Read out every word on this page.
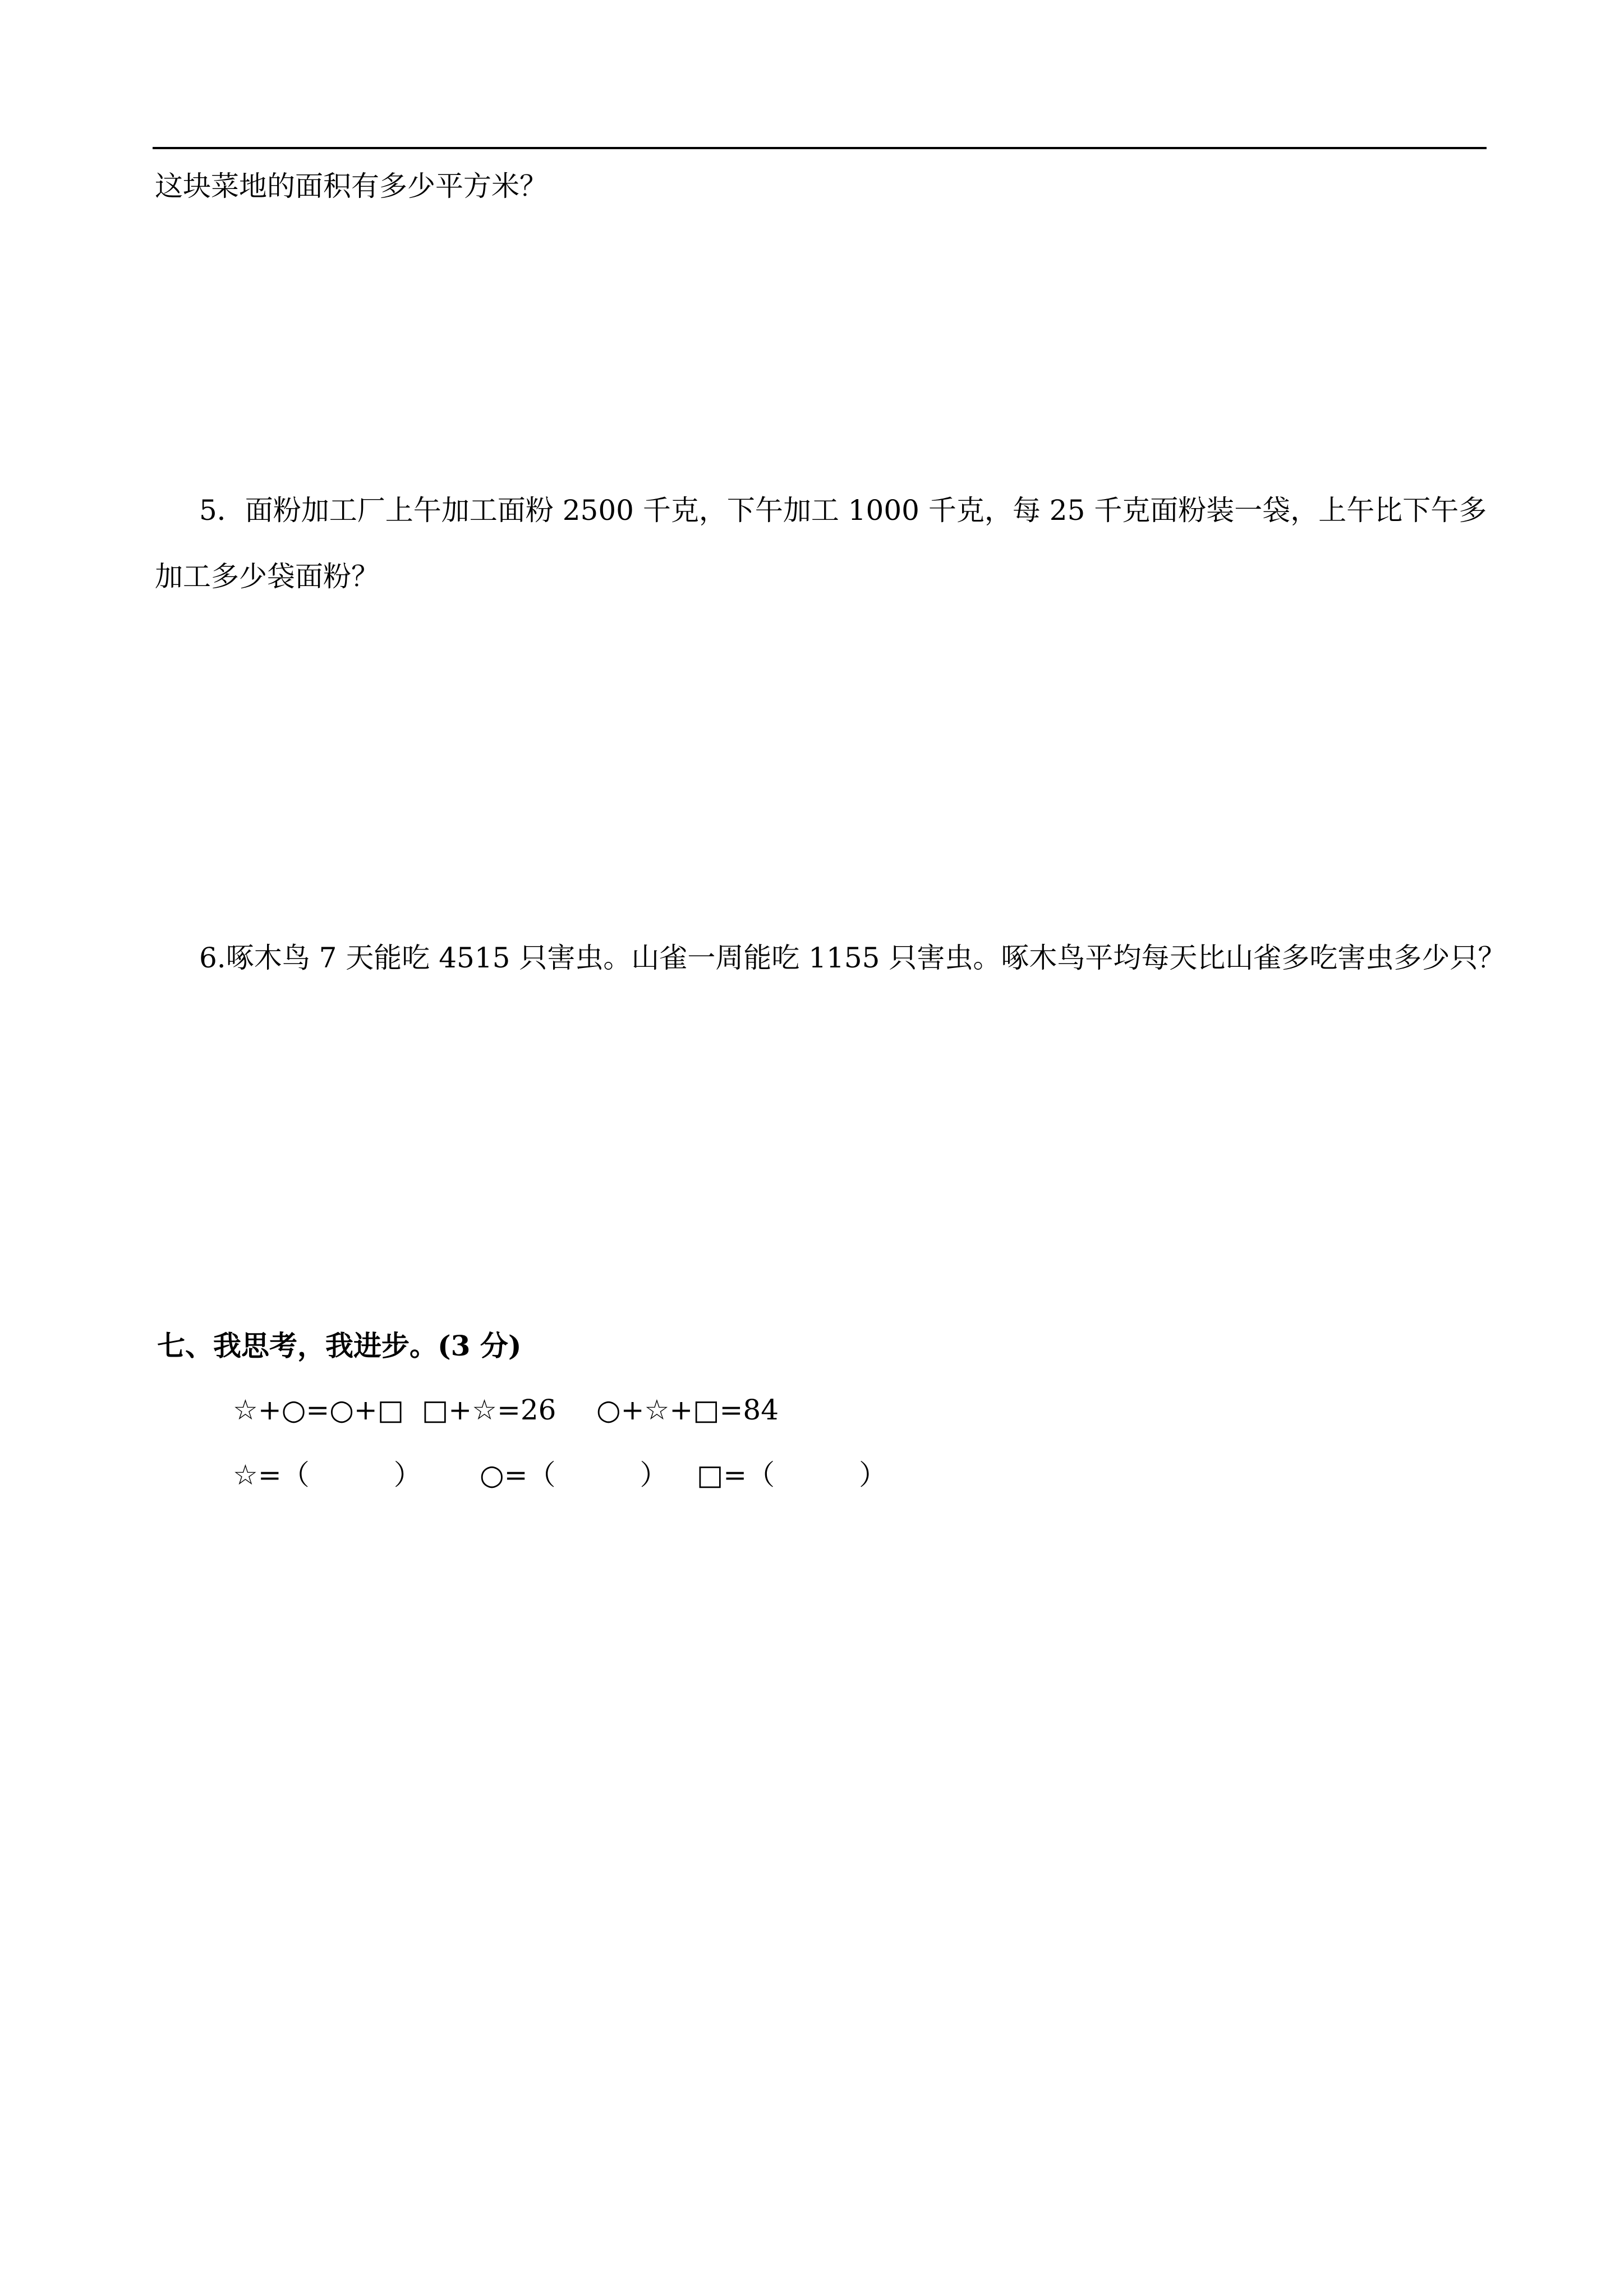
这块菜地的面积有多少平方米？
5．面粉加工厂上午加工面粉 2500 千克，下午加工 1000 千克，每 25 千克面粉装一袋，上午比下午多
加工多少袋面粉？
6.啄木鸟 7 天能吃 4515 只害虫。山雀一周能吃 1155 只害虫。啄木鸟平均每天比山雀多吃害虫多少只？
七、我思考，我进步。(3 分)
☆+○=○+□ □+☆=26 ○+☆+□=84
☆=（　　　） ○=（　　　） □=（　　　）
